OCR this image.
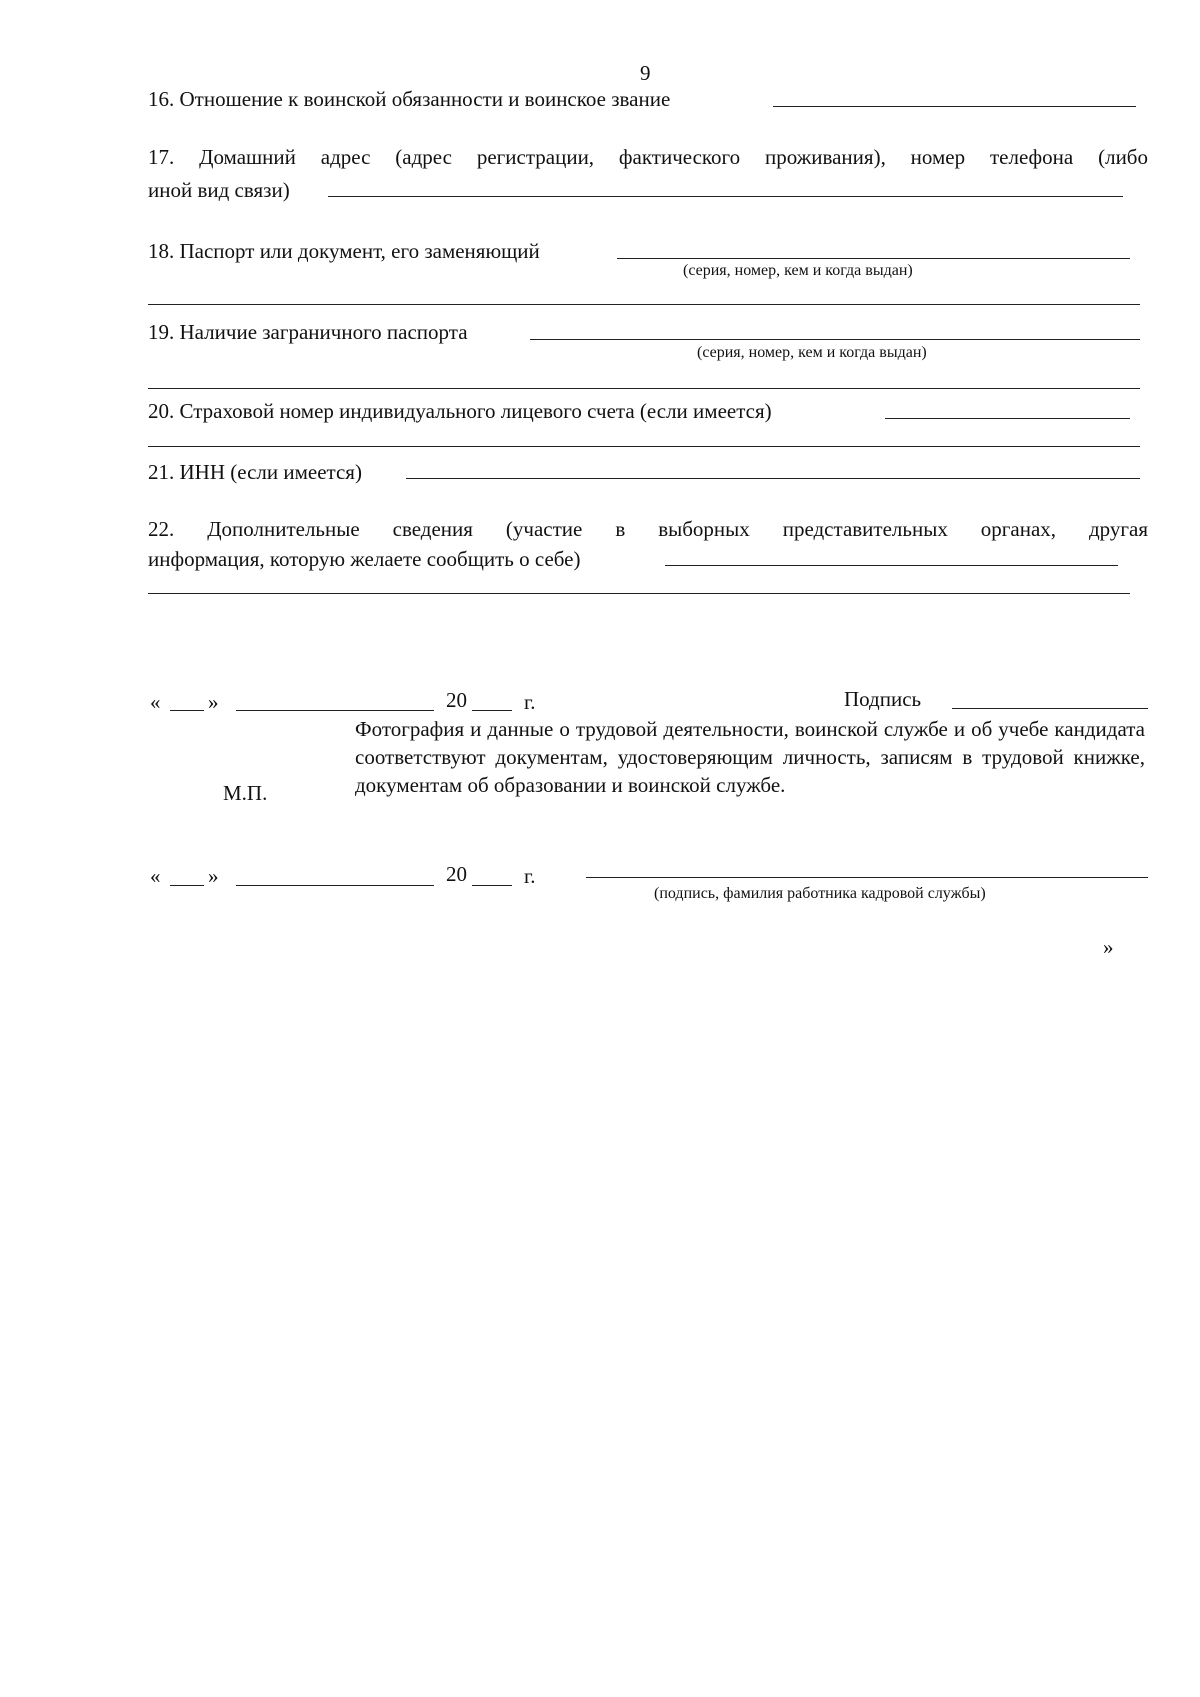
9
16. Отношение к воинской обязанности и воинское звание
17. Домашний адрес (адрес регистрации, фактического проживания), номер телефона (либо
иной вид связи)
18. Паспорт или документ, его заменяющий
(серия, номер, кем и когда выдан)
19. Наличие заграничного паспорта
(серия, номер, кем и когда выдан)
20. Страховой номер индивидуального лицевого счета (если имеется)
21. ИНН (если имеется)
22. Дополнительные сведения (участие в выборных представительных органах, другая
информация, которую желаете сообщить о себе)
« »	20	г.	Подпись
Фотография и данные о трудовой деятельности, воинской службе и об учебе кандидата соответствуют документам, удостоверяющим личность, записям в трудовой книжке, документам об образовании и воинской службе.
М.П.
« »	20	г.
(подпись, фамилия работника кадровой службы)
»
